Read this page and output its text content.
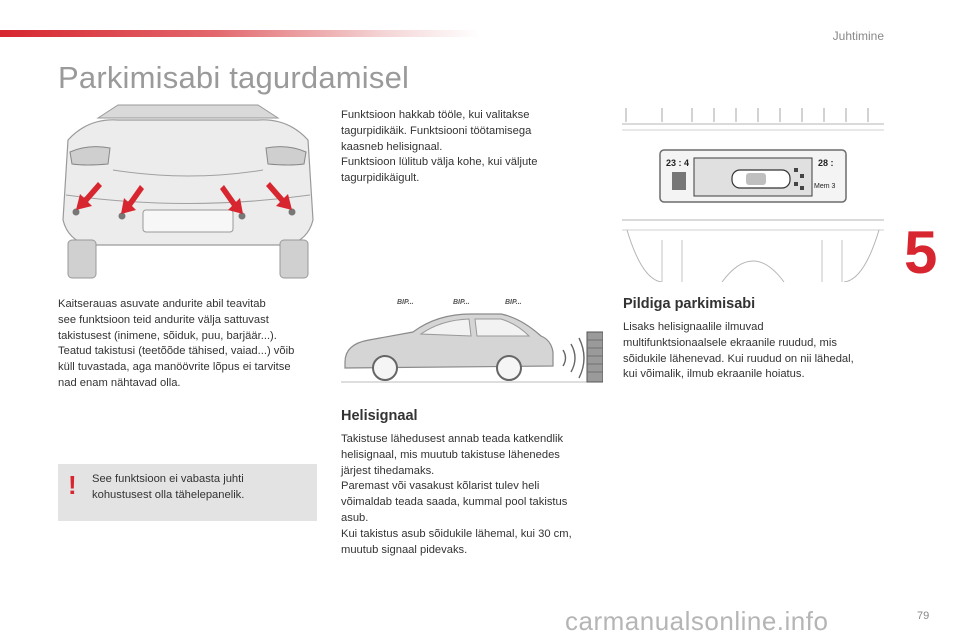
Juhtimine
5
Parkimisabi tagurdamisel
Funktsioon hakkab tööle, kui valitakse
tagurpidikäik. Funktsiooni töötamisega
kaasneb helisignaal.
Funktsioon lülitub välja kohe, kui väljute
tagurpidikäigult.
23 : 4	28 :
Mem 3
Kaitserauas asuvate andurite abil teavitab
see funktsioon teid andurite välja sattuvast
takistusest (inimene, sõiduk, puu, barjäär...).
Teatud takistusi (teetõõde tähised, vaiad...) võib
küll tuvastada, aga manöövrite lõpus ei tarvitse
nad enam nähtavad olla.
BIP...	BIP...	BIP...	Pildiga parkimisabi
Lisaks helisignaalile ilmuvad
multifunktsionaalsele ekraanile ruudud, mis
sõidukile lähenevad. Kui ruudud on nii lähedal,
kui võimalik, ilmub ekraanile hoiatus.
Helisignaal
Takistuse lähedusest annab teada katkendlik
helisignaal, mis muutub takistuse lähenedes
järjest tihedamaks.
Paremast või vasakust kõlarist tulev heli
võimaldab teada saada, kummal pool takistus
asub.
Kui takistus asub sõidukile lähemal, kui 30 cm,
muutub signaal pidevaks.
! See funktsioon ei vabasta juhti
kohustusest olla tähelepanelik.
carmanualsonline.info	79
